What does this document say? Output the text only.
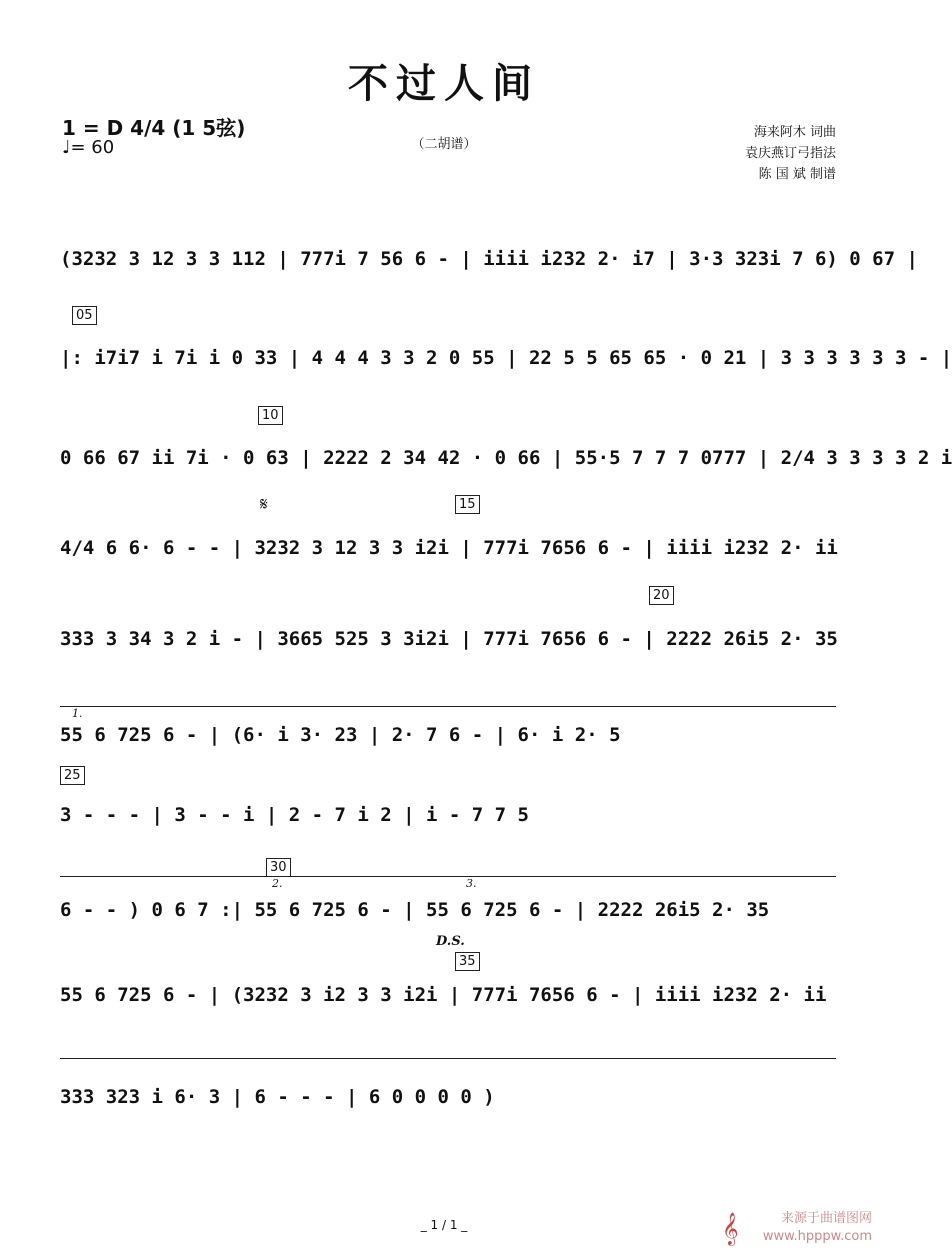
不过人间
1 = D 4/4 (1 5弦)
♩= 60	（二胡谱）
海来阿木 词曲
袁庆燕订弓指法
陈 国 斌 制谱
(3232 3 12 3 3 112 | 777i 7 56 6 - | iiii i232 2· i7 | 3·3 323i 7 6) 0 67 |
|: i7i7 i 7i i 0 33 | 4 4 4 3 3 2 0 55 | 22 5 5 65 65 · 0 21 | 3 3 3 3 3 3 - |
0 66 67 ii 7i · 0 63 | 2222 2 34 42 · 0 66 | 55·5 7 7 7 0777 | 2/4 3 3 3 3 2 i
4/4 6 6· 6 - - | 3232 3 12 3 3 i2i | 777i 7656 6 - | iiii i232 2· ii
333 3 34 3 2 i - | 3665 525 3 3i2i | 777i 7656 6 - | 2222 26i5 2· 35
55 6 725 6 - | (6· i 3· 23 | 2· 7 6 - | 6· i 2· 5
3 - - - | 3 - - i | 2 - 7 i 2 | i - 7 7 5
6 - - ) 0 6 7 :| 55 6 725 6 - | 55 6 725 6 - | 2222 26i5 2· 35
55 6 725 6 - | (3232 3 i2 3 3 i2i | 777i 7656 6 - | iiii i232 2· ii
333 323 i 6· 3 | 6 - - - | 6 0 0 0 0 )
05
10
15
20
25
30
35
1.
2.	3.
𝄋
D.S.
_ 1 / 1 _	𝄞	来源于曲谱图网
www.hpppw.com
